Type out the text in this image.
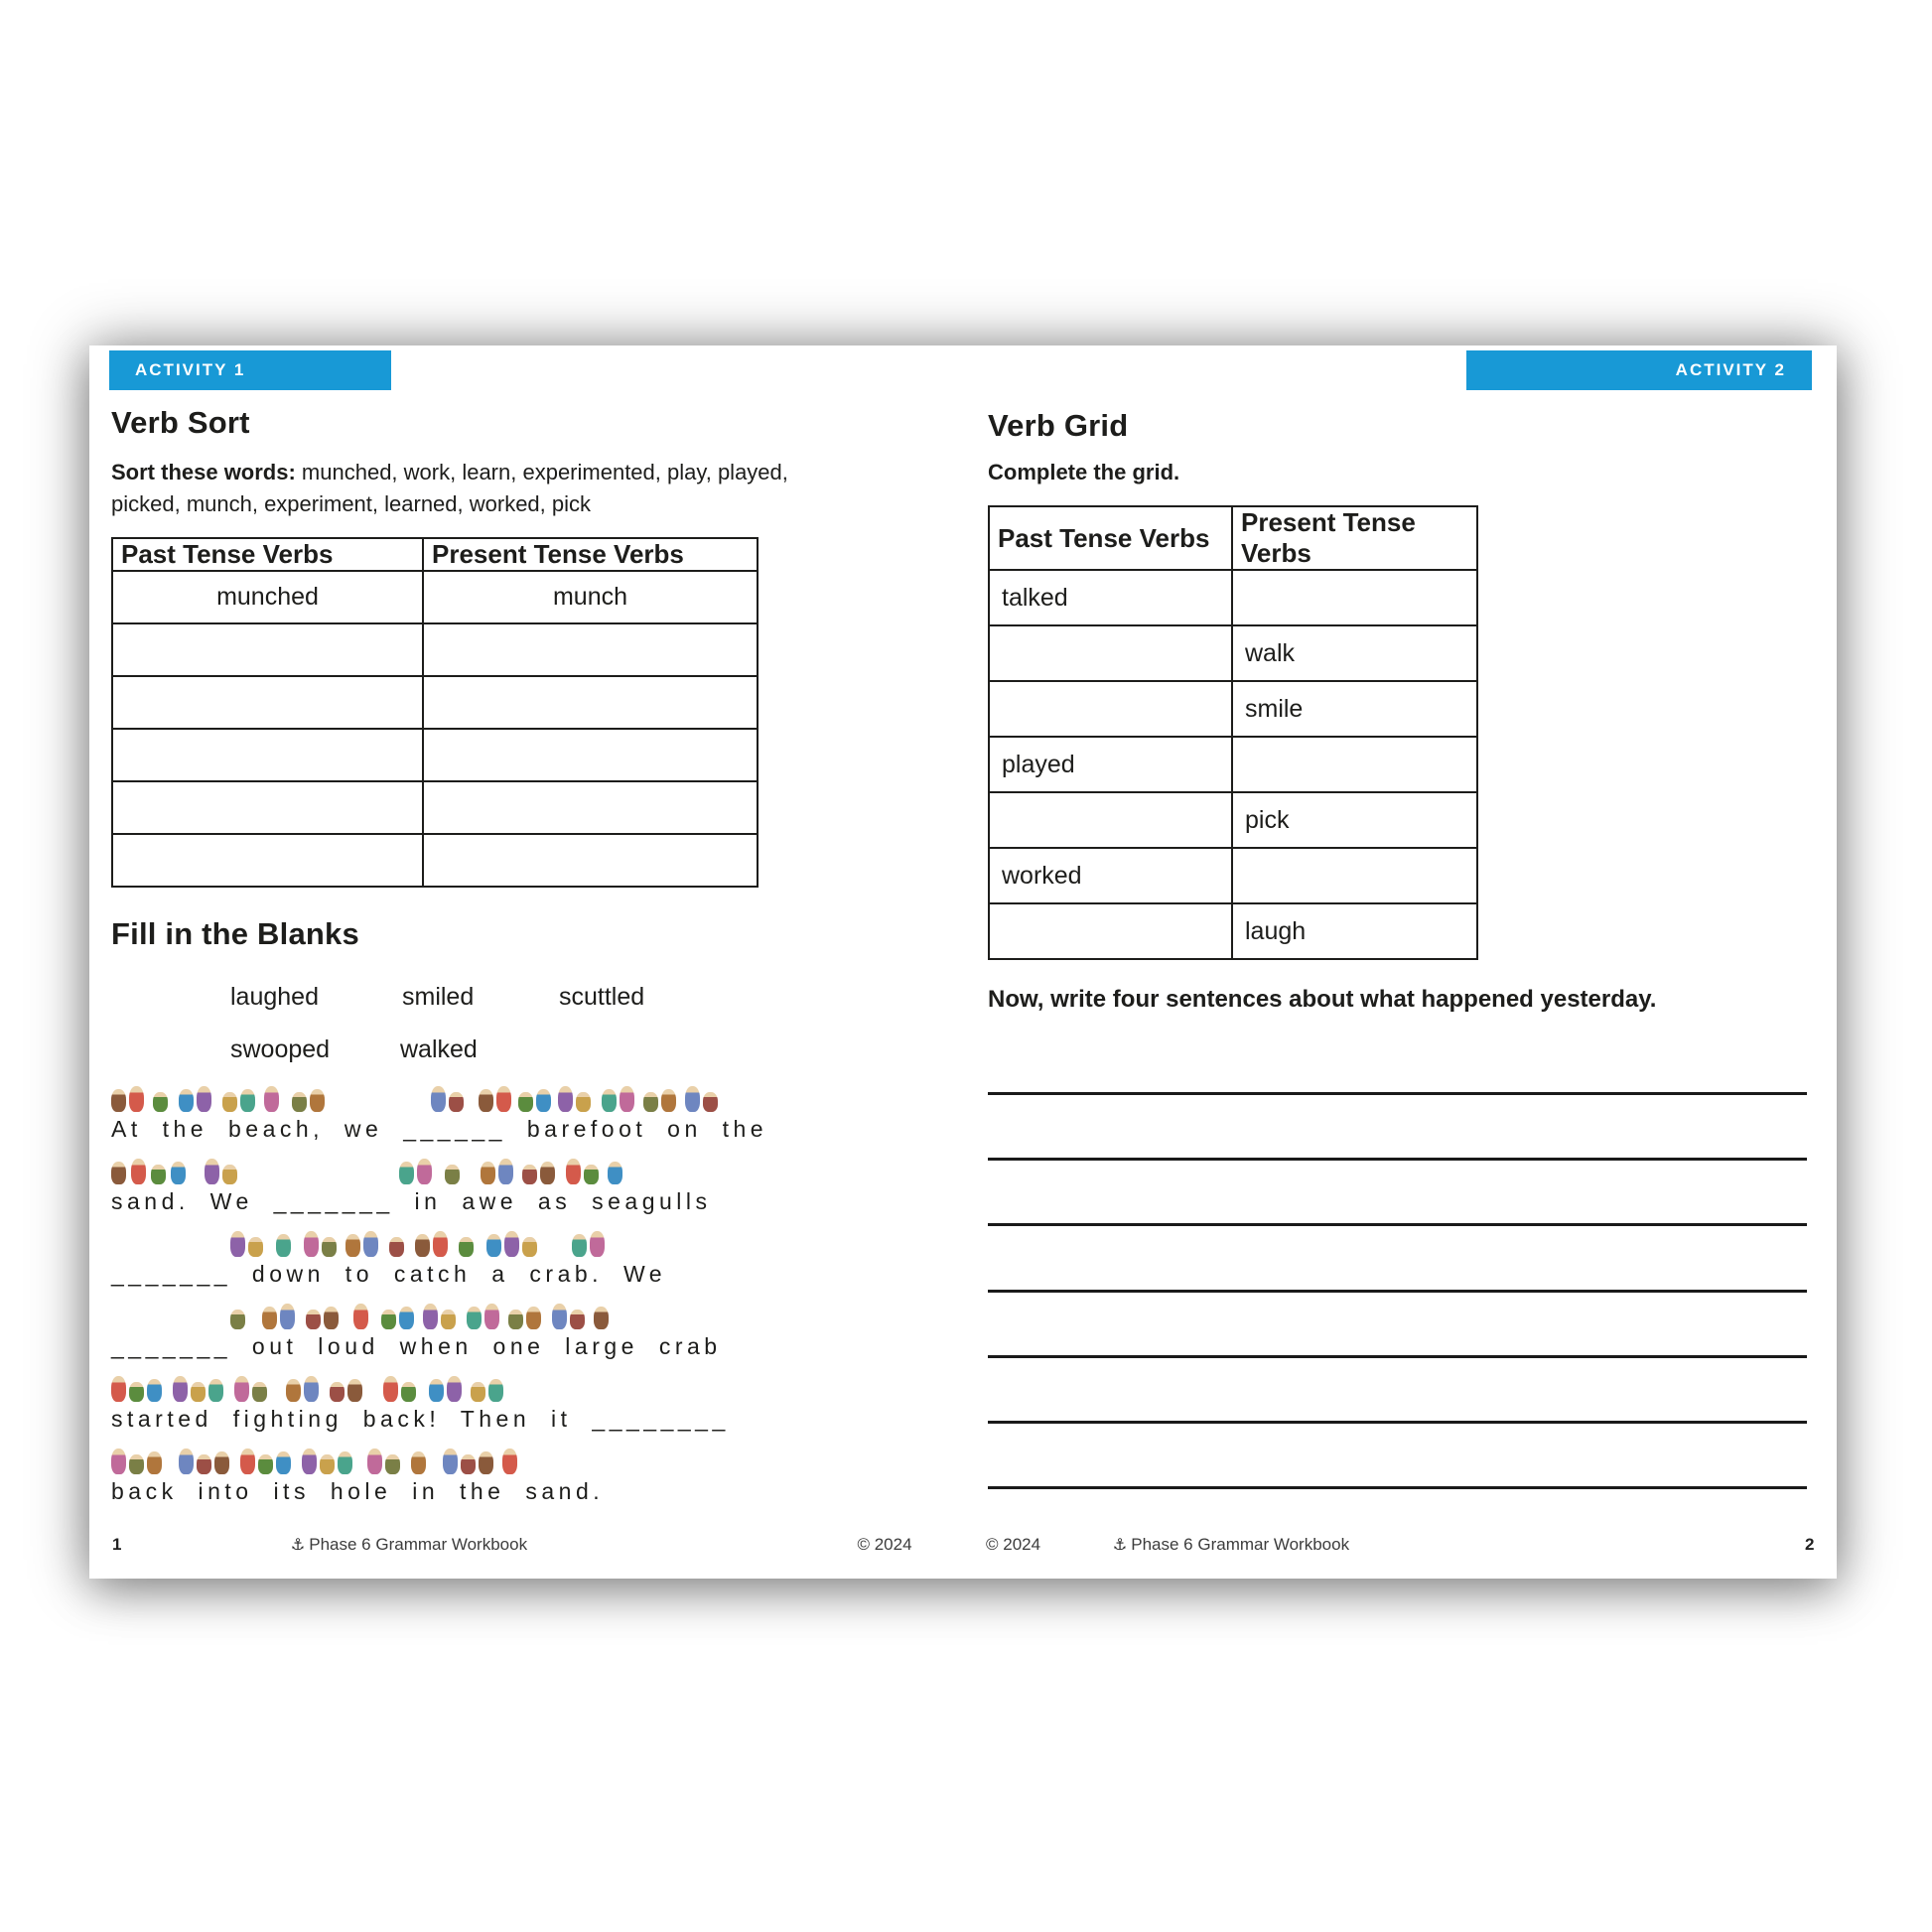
ACTIVITY 1
Verb Sort
Sort these words: munched, work, learn, experimented, play, played,
picked, munch, experiment, learned, worked, pick
Past Tense Verbs	Present Tense Verbs
munched	munch

Fill in the Blanks
laughed	smiled	scuttled
swooped	walked
At the beach, we ______ barefoot on the
sand. We _______ in awe as seagulls
_______ down to catch a crab. We
_______ out loud when one large crab
started fighting back! Then it ________
back into its hole in the sand.
1	⚓ Phase 6 Grammar Workbook	© 2024
ACTIVITY 2
Verb Grid
Complete the grid.
Past Tense Verbs	Present Tense Verbs
talked	
	walk
	smile
played	
	pick
worked	
	laugh
Now, write four sentences about what happened yesterday.
© 2024	⚓ Phase 6 Grammar Workbook	2
